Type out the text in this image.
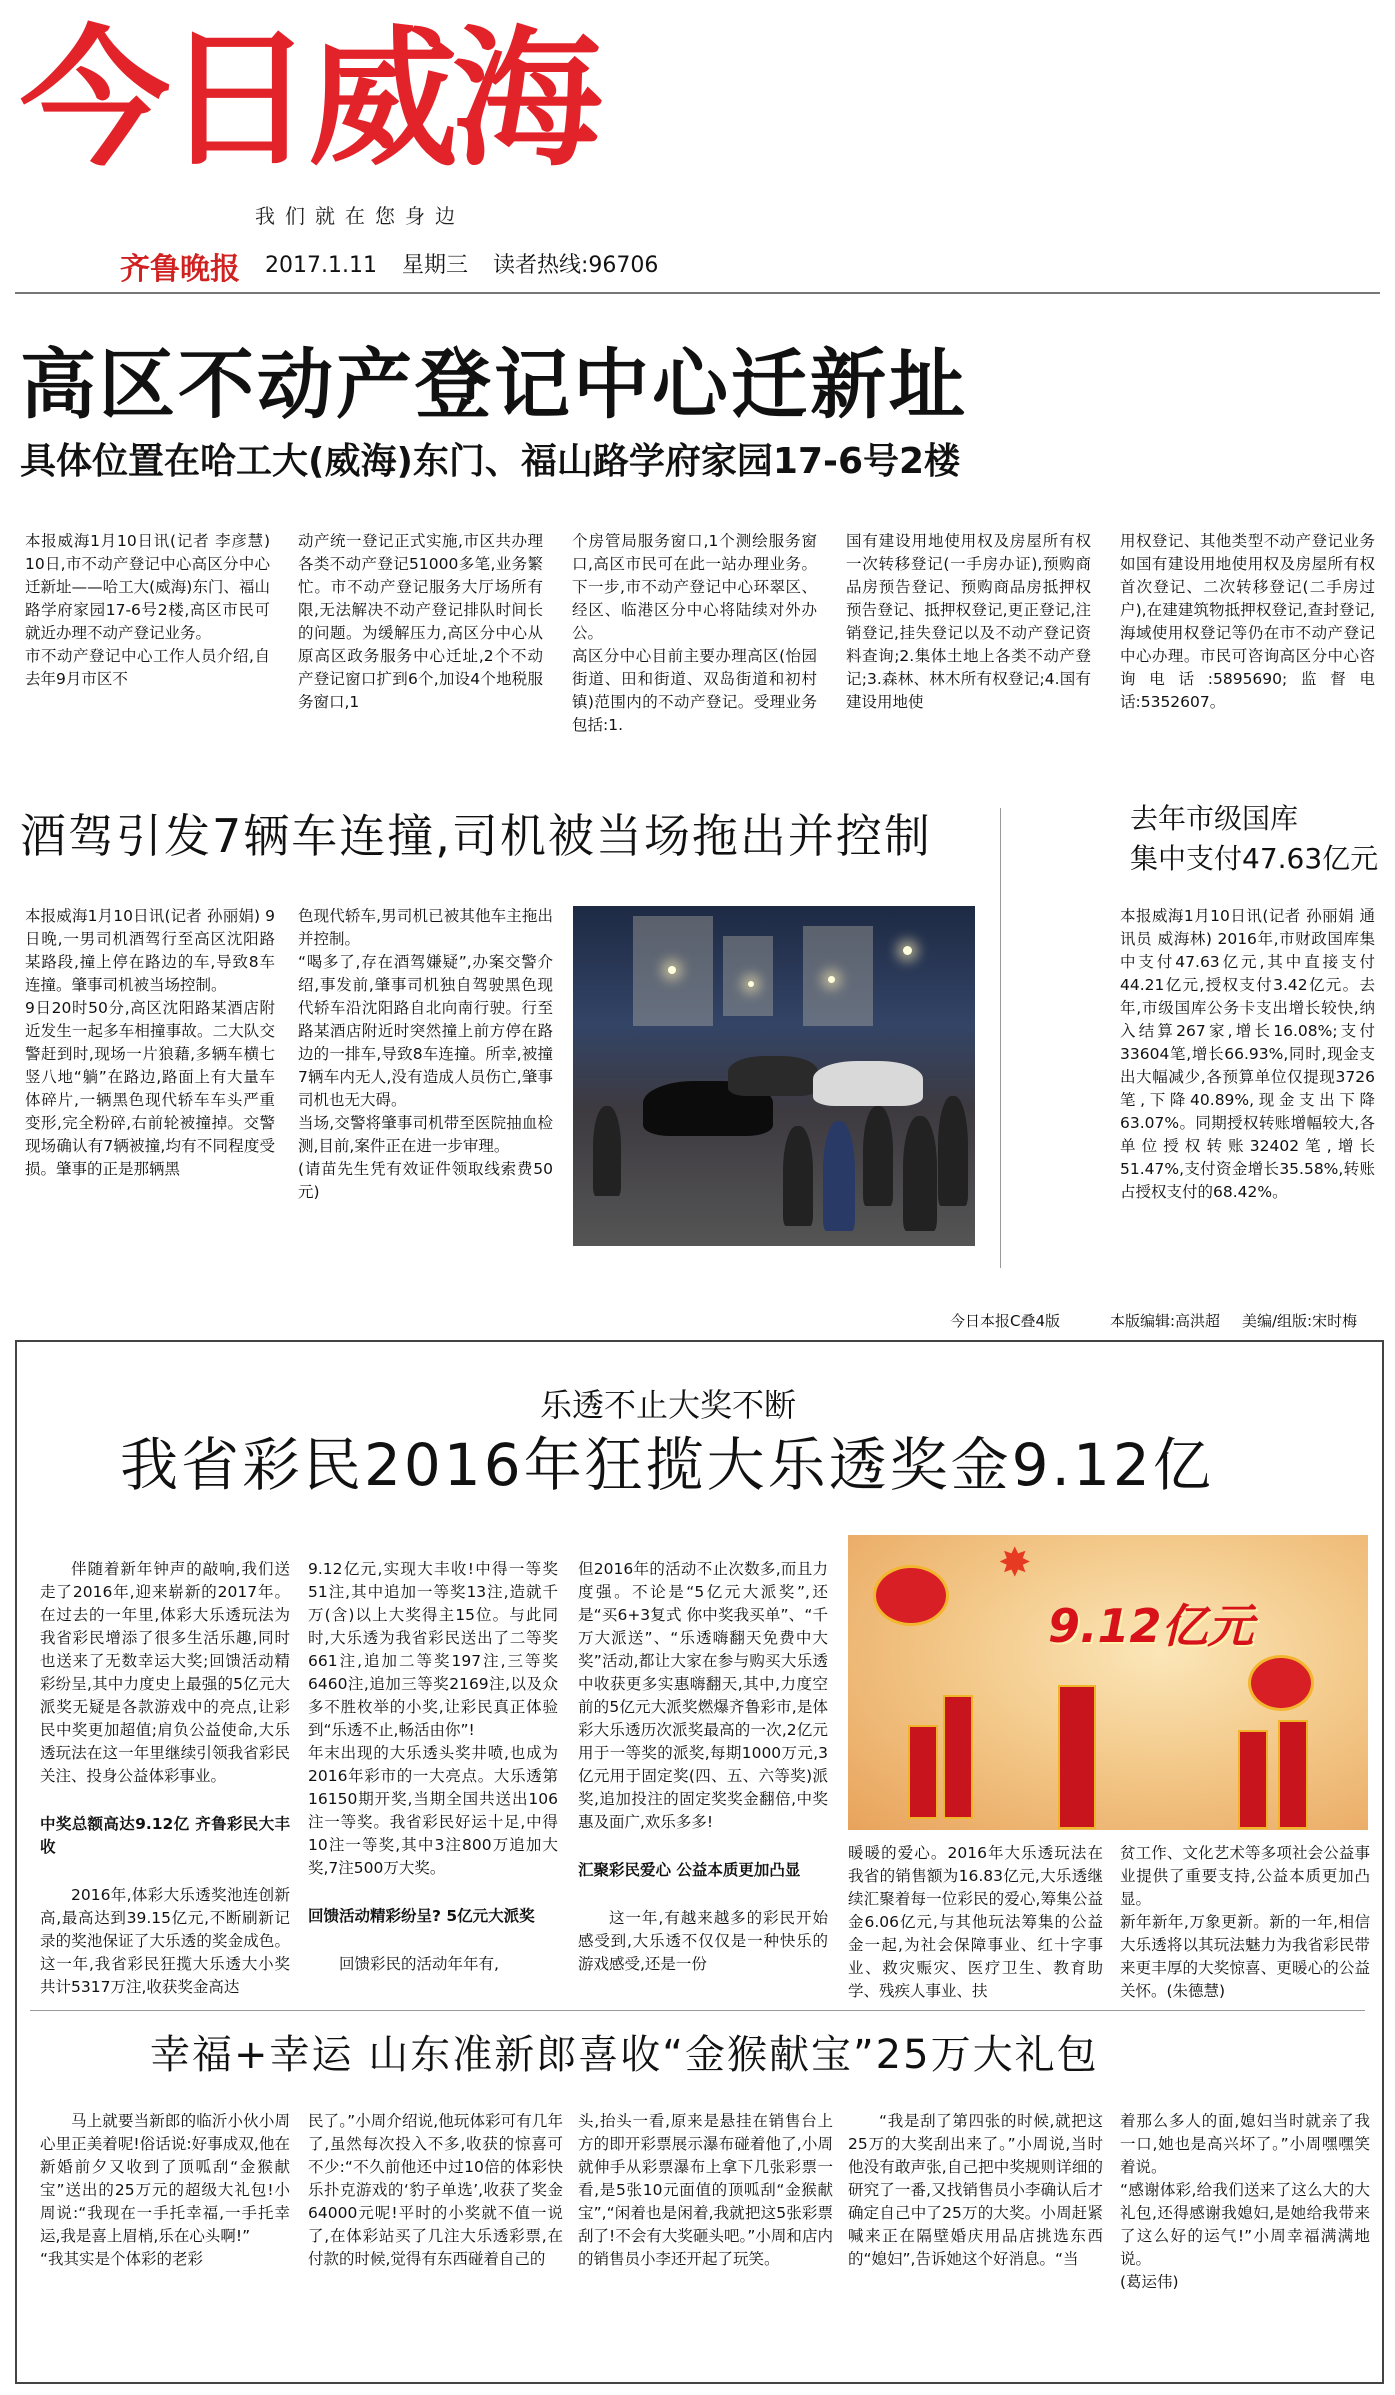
今日威海
我们就在您身边
齐鲁晚报 2017.1.11 星期三 读者热线:96706
高区不动产登记中心迁新址
具体位置在哈工大(威海)东门、福山路学府家园17-6号2楼
本报威海1月10日讯(记者 李彦慧) 10日,市不动产登记中心高区分中心迁新址——哈工大(威海)东门、福山路学府家园17-6号2楼,高区市民可就近办理不动产登记业务。
市不动产登记中心工作人员介绍,自去年9月市区不
动产统一登记正式实施,市区共办理各类不动产登记51000多笔,业务繁忙。市不动产登记服务大厅场所有限,无法解决不动产登记排队时间长的问题。为缓解压力,高区分中心从原高区政务服务中心迁址,2个不动产登记窗口扩到6个,加设4个地税服务窗口,1
个房管局服务窗口,1个测绘服务窗口,高区市民可在此一站办理业务。下一步,市不动产登记中心环翠区、经区、临港区分中心将陆续对外办公。
高区分中心目前主要办理高区(怡园街道、田和街道、双岛街道和初村镇)范围内的不动产登记。受理业务包括:1.
国有建设用地使用权及房屋所有权一次转移登记(一手房办证),预购商品房预告登记、预购商品房抵押权预告登记、抵押权登记,更正登记,注销登记,挂失登记以及不动产登记资料查询;2.集体土地上各类不动产登记;3.森林、林木所有权登记;4.国有建设用地使
用权登记、其他类型不动产登记业务如国有建设用地使用权及房屋所有权首次登记、二次转移登记(二手房过户),在建建筑物抵押权登记,查封登记,海域使用权登记等仍在市不动产登记中心办理。市民可咨询高区分中心咨询电话:5895690;监督电话:5352607。
酒驾引发7辆车连撞,司机被当场拖出并控制
本报威海1月10日讯(记者 孙丽娟) 9日晚,一男司机酒驾行至高区沈阳路某路段,撞上停在路边的车,导致8车连撞。肇事司机被当场控制。
9日20时50分,高区沈阳路某酒店附近发生一起多车相撞事故。二大队交警赶到时,现场一片狼藉,多辆车横七竖八地“躺”在路边,路面上有大量车体碎片,一辆黑色现代轿车车头严重变形,完全粉碎,右前轮被撞掉。交警现场确认有7辆被撞,均有不同程度受损。肇事的正是那辆黑
色现代轿车,男司机已被其他车主拖出并控制。
“喝多了,存在酒驾嫌疑”,办案交警介绍,事发前,肇事司机独自驾驶黑色现代轿车沿沈阳路自北向南行驶。行至路某酒店附近时突然撞上前方停在路边的一排车,导致8车连撞。所幸,被撞7辆车内无人,没有造成人员伤亡,肇事司机也无大碍。
当场,交警将肇事司机带至医院抽血检测,目前,案件正在进一步审理。
(请苗先生凭有效证件领取线索费50元)
去年市级国库
集中支付47.63亿元
本报威海1月10日讯(记者 孙丽娟 通讯员 威海林) 2016年,市财政国库集中支付47.63亿元,其中直接支付44.21亿元,授权支付3.42亿元。去年,市级国库公务卡支出增长较快,纳入结算267家,增长16.08%;支付33604笔,增长66.93%,同时,现金支出大幅减少,各预算单位仅提现3726笔,下降40.89%,现金支出下降63.07%。同期授权转账增幅较大,各单位授权转账32402笔,增长51.47%,支付资金增长35.58%,转账占授权支付的68.42%。
今日本报C叠4版	本版编辑:高洪超 美编/组版:宋时梅
乐透不止大奖不断
我省彩民2016年狂揽大乐透奖金9.12亿

伴随着新年钟声的敲响,我们送走了2016年,迎来崭新的2017年。在过去的一年里,体彩大乐透玩法为我省彩民增添了很多生活乐趣,同时也送来了无数幸运大奖;回馈活动精彩纷呈,其中力度史上最强的5亿元大派奖无疑是各款游戏中的亮点,让彩民中奖更加超值;肩负公益使命,大乐透玩法在这一年里继续引领我省彩民关注、投身公益体彩事业。

中奖总额高达9.12亿 齐鲁彩民大丰收

2016年,体彩大乐透奖池连创新高,最高达到39.15亿元,不断刷新记录的奖池保证了大乐透的奖金成色。这一年,我省彩民狂揽大乐透大小奖共计5317万注,收获奖金高达

9.12亿元,实现大丰收!中得一等奖51注,其中追加一等奖13注,造就千万(含)以上大奖得主15位。与此同时,大乐透为我省彩民送出了二等奖661注,追加二等奖197注,三等奖6460注,追加三等奖2169注,以及众多不胜枚举的小奖,让彩民真正体验到“乐透不止,畅活由你”!
年末出现的大乐透头奖井喷,也成为2016年彩市的一大亮点。大乐透第16150期开奖,当期全国共送出106注一等奖。我省彩民好运十足,中得10注一等奖,其中3注800万追加大奖,7注500万大奖。

回馈活动精彩纷呈? 5亿元大派奖

回馈彩民的活动年年有,

但2016年的活动不止次数多,而且力度强。不论是“5亿元大派奖”,还是“买6+3复式 你中奖我买单”、“千万大派送”、“乐透嗨翻天免费中大奖”活动,都让大家在参与购买大乐透中收获更多实惠嗨翻天,其中,力度空前的5亿元大派奖燃爆齐鲁彩市,是体彩大乐透历次派奖最高的一次,2亿元用于一等奖的派奖,每期1000万元,3亿元用于固定奖(四、五、六等奖)派奖,追加投注的固定奖奖金翻倍,中奖惠及面广,欢乐多多!

汇聚彩民爱心 公益本质更加凸显

这一年,有越来越多的彩民开始感受到,大乐透不仅仅是一种快乐的游戏感受,还是一份

✸
9.12亿元
暖暖的爱心。2016年大乐透玩法在我省的销售额为16.83亿元,大乐透继续汇聚着每一位彩民的爱心,筹集公益金6.06亿元,与其他玩法筹集的公益金一起,为社会保障事业、红十字事业、救灾赈灾、医疗卫生、教育助学、残疾人事业、扶
贫工作、文化艺术等多项社会公益事业提供了重要支持,公益本质更加凸显。
新年新年,万象更新。新的一年,相信大乐透将以其玩法魅力为我省彩民带来更丰厚的大奖惊喜、更暖心的公益关怀。(朱德慧)
幸福+幸运 山东准新郎喜收“金猴献宝”25万大礼包
马上就要当新郎的临沂小伙小周心里正美着呢!俗话说:好事成双,他在新婚前夕又收到了顶呱刮“金猴献宝”送出的25万元的超级大礼包!小周说:“我现在一手托幸福,一手托幸运,我是喜上眉梢,乐在心头啊!”
“我其实是个体彩的老彩
民了。”小周介绍说,他玩体彩可有几年了,虽然每次投入不多,收获的惊喜可不少:“不久前他还中过10倍的体彩快乐扑克游戏的‘豹子单选’,收获了奖金64000元呢!平时的小奖就不值一说了,在体彩站买了几注大乐透彩票,在付款的时候,觉得有东西碰着自己的
头,抬头一看,原来是悬挂在销售台上方的即开彩票展示瀑布碰着他了,小周就伸手从彩票瀑布上拿下几张彩票一看,是5张10元面值的顶呱刮“金猴献宝”,“闲着也是闲着,我就把这5张彩票刮了!不会有大奖砸头吧。”小周和店内的销售员小李还开起了玩笑。
“我是刮了第四张的时候,就把这25万的大奖刮出来了。”小周说,当时他没有敢声张,自己把中奖规则详细的研究了一番,又找销售员小李确认后才确定自己中了25万的大奖。小周赶紧喊来正在隔壁婚庆用品店挑选东西的“媳妇”,告诉她这个好消息。“当
着那么多人的面,媳妇当时就亲了我一口,她也是高兴坏了。”小周嘿嘿笑着说。
“感谢体彩,给我们送来了这么大的大礼包,还得感谢我媳妇,是她给我带来了这么好的运气!”小周幸福满满地说。
(葛运伟)
